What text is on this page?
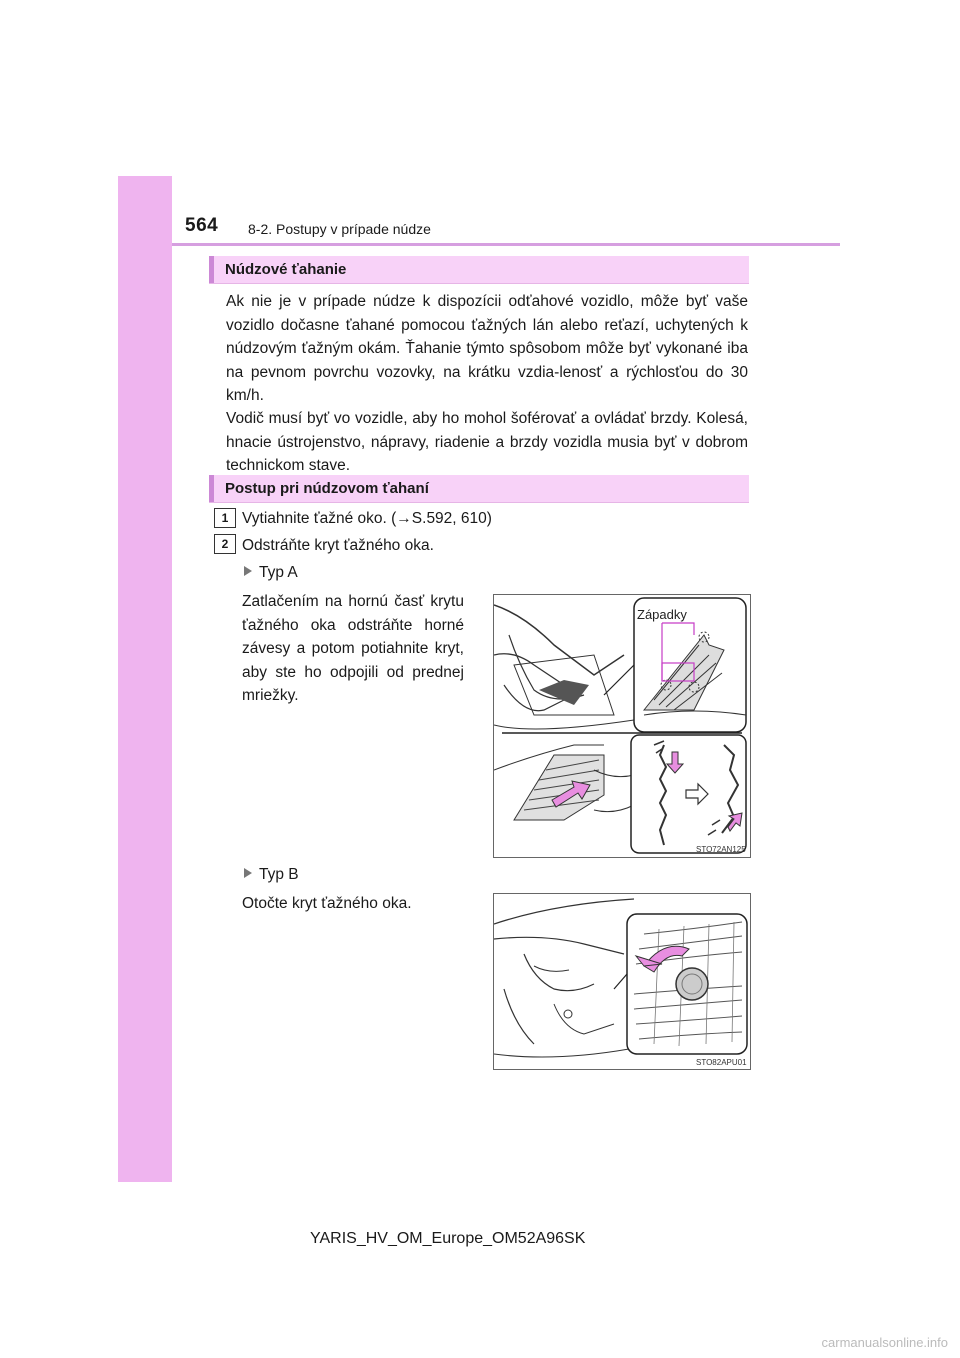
564 8-2. Postupy v prípade núdze
Núdzové ťahanie
Ak nie je v prípade núdze k dispozícii odťahové vozidlo, môže byť vaše vozidlo dočasne ťahané pomocou ťažných lán alebo reťazí, uchytených k núdzovým ťažným okám. Ťahanie týmto spôsobom môže byť vykonané iba na pevnom povrchu vozovky, na krátku vzdia-lenosť a rýchlosťou do 30 km/h.
Vodič musí byť vo vozidle, aby ho mohol šoférovať a ovládať brzdy. Kolesá, hnacie ústrojenstvo, nápravy, riadenie a brzdy vozidla musia byť v dobrom technickom stave.
Postup pri núdzovom ťahaní
1 Vytiahnite ťažné oko. (→S.592, 610)
2 Odstráňte kryt ťažného oka.
Typ A
Zatlačením na hornú časť krytu ťažného oka odstráňte horné závesy a potom potiahnite kryt, aby ste ho odpojili od prednej mriežky.
Západky
STO72AN125
Typ B
Otočte kryt ťažného oka.
STO82APU01
YARIS_HV_OM_Europe_OM52A96SK
carmanualsonline.info
